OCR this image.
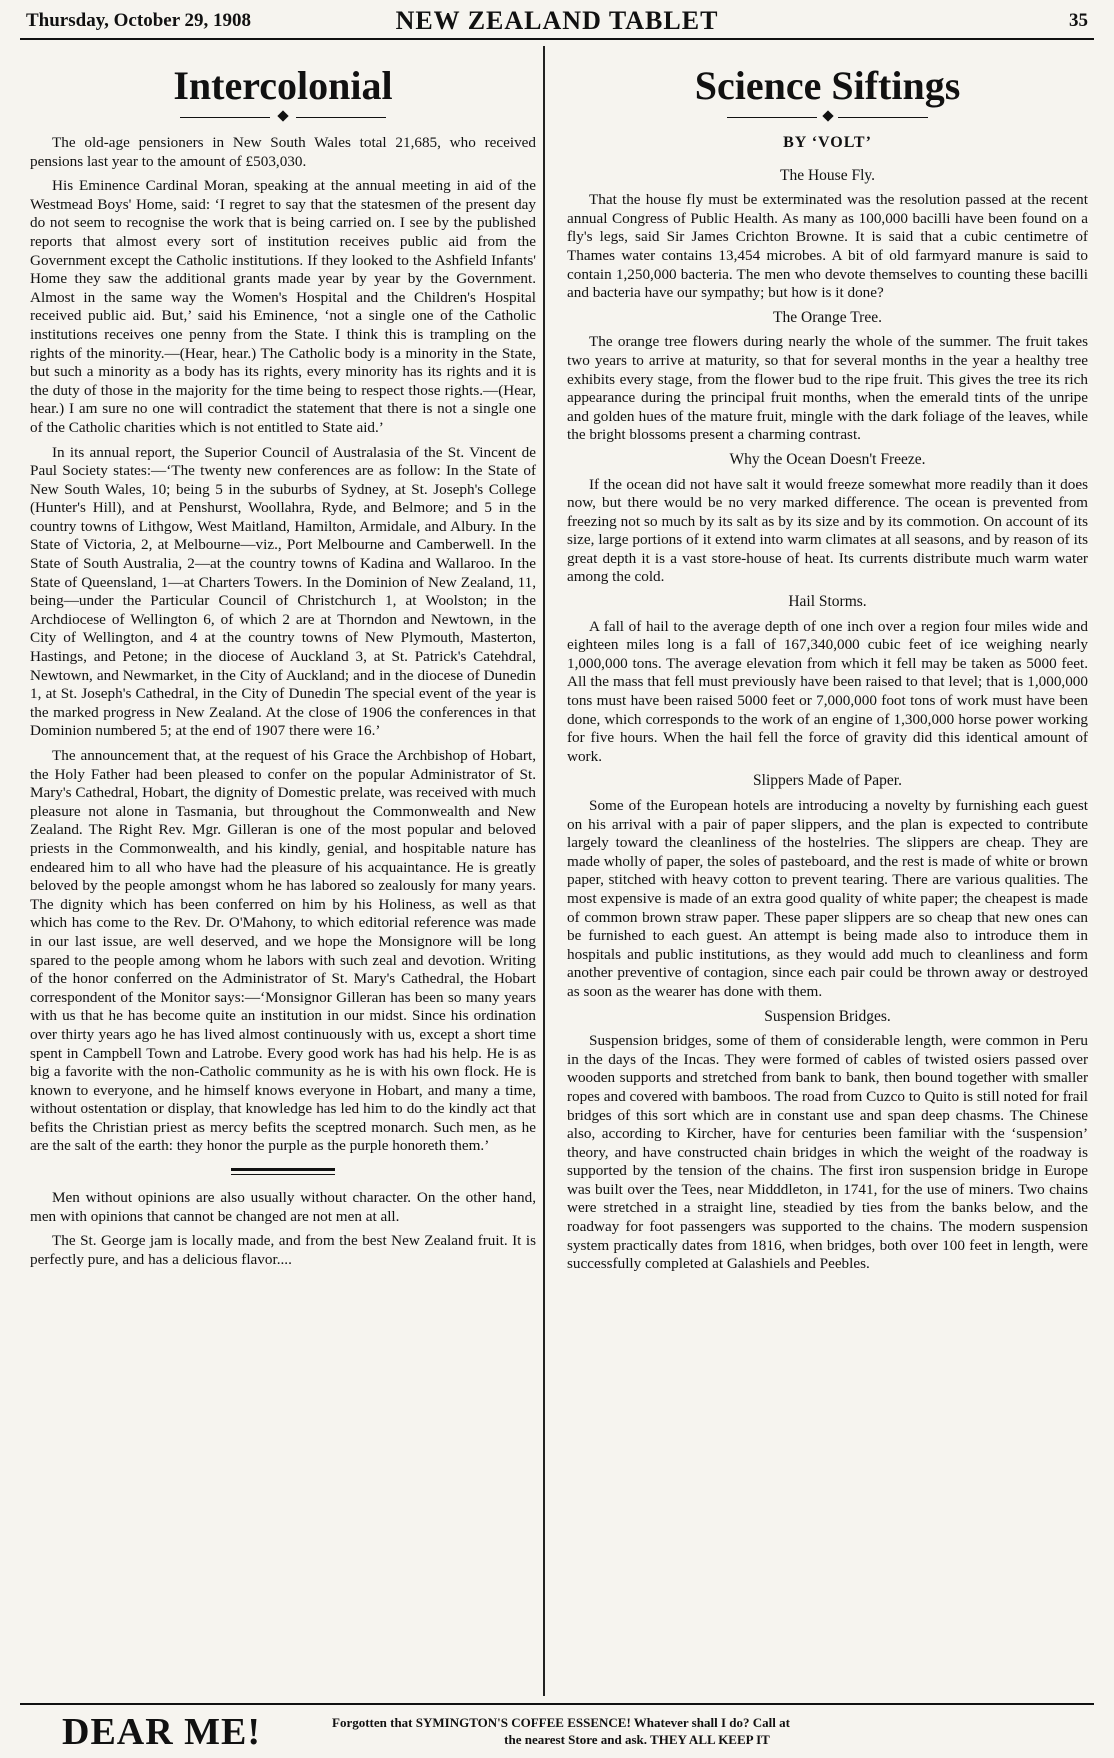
Thursday, October 29, 1908	NEW ZEALAND TABLET	35
Intercolonial

The old-age pensioners in New South Wales total 21,685, who received pensions last year to the amount of £503,030.

His Eminence Cardinal Moran, speaking at the annual meeting in aid of the Westmead Boys' Home, said: ‘I regret to say that the statesmen of the present day do not seem to recognise the work that is being carried on. I see by the published reports that almost every sort of institution receives public aid from the Government except the Catholic institutions. If they looked to the Ashfield Infants' Home they saw the additional grants made year by year by the Government. Almost in the same way the Women's Hospital and the Children's Hospital received public aid. But,’ said his Eminence, ‘not a single one of the Catholic institutions receives one penny from the State. I think this is trampling on the rights of the minority.—(Hear, hear.) The Catholic body is a minority in the State, but such a minority as a body has its rights, every minority has its rights and it is the duty of those in the majority for the time being to respect those rights.—(Hear, hear.) I am sure no one will contradict the statement that there is not a single one of the Catholic charities which is not entitled to State aid.’

In its annual report, the Superior Council of Australasia of the St. Vincent de Paul Society states:—‘The twenty new conferences are as follow: In the State of New South Wales, 10; being 5 in the suburbs of Sydney, at St. Joseph's College (Hunter's Hill), and at Penshurst, Woollahra, Ryde, and Belmore; and 5 in the country towns of Lithgow, West Maitland, Hamilton, Armidale, and Albury. In the State of Victoria, 2, at Melbourne—viz., Port Melbourne and Camberwell. In the State of South Australia, 2—at the country towns of Kadina and Wallaroo. In the State of Queensland, 1—at Charters Towers. In the Dominion of New Zealand, 11, being—under the Particular Council of Christchurch 1, at Woolston; in the Archdiocese of Wellington 6, of which 2 are at Thorndon and Newtown, in the City of Wellington, and 4 at the country towns of New Plymouth, Masterton, Hastings, and Petone; in the diocese of Auckland 3, at St. Patrick's Catehdral, Newtown, and Newmarket, in the City of Auckland; and in the diocese of Dunedin 1, at St. Joseph's Cathedral, in the City of Dunedin The special event of the year is the marked progress in New Zealand. At the close of 1906 the conferences in that Dominion numbered 5; at the end of 1907 there were 16.’

The announcement that, at the request of his Grace the Archbishop of Hobart, the Holy Father had been pleased to confer on the popular Administrator of St. Mary's Cathedral, Hobart, the dignity of Domestic prelate, was received with much pleasure not alone in Tasmania, but throughout the Commonwealth and New Zealand. The Right Rev. Mgr. Gilleran is one of the most popular and beloved priests in the Commonwealth, and his kindly, genial, and hospitable nature has endeared him to all who have had the pleasure of his acquaintance. He is greatly beloved by the people amongst whom he has labored so zealously for many years. The dignity which has been conferred on him by his Holiness, as well as that which has come to the Rev. Dr. O'Mahony, to which editorial reference was made in our last issue, are well deserved, and we hope the Monsignore will be long spared to the people among whom he labors with such zeal and devotion. Writing of the honor conferred on the Administrator of St. Mary's Cathedral, the Hobart correspondent of the Monitor says:—‘Monsignor Gilleran has been so many years with us that he has become quite an institution in our midst. Since his ordination over thirty years ago he has lived almost continuously with us, except a short time spent in Campbell Town and Latrobe. Every good work has had his help. He is as big a favorite with the non-Catholic community as he is with his own flock. He is known to everyone, and he himself knows everyone in Hobart, and many a time, without ostentation or display, that knowledge has led him to do the kindly act that befits the Christian priest as mercy befits the sceptred monarch. Such men, as he are the salt of the earth: they honor the purple as the purple honoreth them.’

Men without opinions are also usually without character. On the other hand, men with opinions that cannot be changed are not men at all.

The St. George jam is locally made, and from the best New Zealand fruit. It is perfectly pure, and has a delicious flavor....

Science Siftings
BY ‘VOLT’
The House Fly.

That the house fly must be exterminated was the resolution passed at the recent annual Congress of Public Health. As many as 100,000 bacilli have been found on a fly's legs, said Sir James Crichton Browne. It is said that a cubic centimetre of Thames water contains 13,454 microbes. A bit of old farmyard manure is said to contain 1,250,000 bacteria. The men who devote themselves to counting these bacilli and bacteria have our sympathy; but how is it done?

The Orange Tree.

The orange tree flowers during nearly the whole of the summer. The fruit takes two years to arrive at maturity, so that for several months in the year a healthy tree exhibits every stage, from the flower bud to the ripe fruit. This gives the tree its rich appearance during the principal fruit months, when the emerald tints of the unripe and golden hues of the mature fruit, mingle with the dark foliage of the leaves, while the bright blossoms present a charming contrast.

Why the Ocean Doesn't Freeze.

If the ocean did not have salt it would freeze somewhat more readily than it does now, but there would be no very marked difference. The ocean is prevented from freezing not so much by its salt as by its size and by its commotion. On account of its size, large portions of it extend into warm climates at all seasons, and by reason of its great depth it is a vast store-house of heat. Its currents distribute much warm water among the cold.

Hail Storms.

A fall of hail to the average depth of one inch over a region four miles wide and eighteen miles long is a fall of 167,340,000 cubic feet of ice weighing nearly 1,000,000 tons. The average elevation from which it fell may be taken as 5000 feet. All the mass that fell must previously have been raised to that level; that is 1,000,000 tons must have been raised 5000 feet or 7,000,000 foot tons of work must have been done, which corresponds to the work of an engine of 1,300,000 horse power working for five hours. When the hail fell the force of gravity did this identical amount of work.

Slippers Made of Paper.

Some of the European hotels are introducing a novelty by furnishing each guest on his arrival with a pair of paper slippers, and the plan is expected to contribute largely toward the cleanliness of the hostelries. The slippers are cheap. They are made wholly of paper, the soles of pasteboard, and the rest is made of white or brown paper, stitched with heavy cotton to prevent tearing. There are various qualities. The most expensive is made of an extra good quality of white paper; the cheapest is made of common brown straw paper. These paper slippers are so cheap that new ones can be furnished to each guest. An attempt is being made also to introduce them in hospitals and public institutions, as they would add much to cleanliness and form another preventive of contagion, since each pair could be thrown away or destroyed as soon as the wearer has done with them.

Suspension Bridges.

Suspension bridges, some of them of considerable length, were common in Peru in the days of the Incas. They were formed of cables of twisted osiers passed over wooden supports and stretched from bank to bank, then bound together with smaller ropes and covered with bamboos. The road from Cuzco to Quito is still noted for frail bridges of this sort which are in constant use and span deep chasms. The Chinese also, according to Kircher, have for centuries been familiar with the ‘suspension’ theory, and have constructed chain bridges in which the weight of the roadway is supported by the tension of the chains. The first iron suspension bridge in Europe was built over the Tees, near Midddleton, in 1741, for the use of miners. Two chains were stretched in a straight line, steadied by ties from the banks below, and the roadway for foot passengers was supported to the chains. The modern suspension system practically dates from 1816, when bridges, both over 100 feet in length, were successfully completed at Galashiels and Peebles.

DEAR ME!	Forgotten that SYMINGTON'S COFFEE ESSENCE! Whatever shall I do? Call at
the nearest Store and ask. THEY ALL KEEP IT
